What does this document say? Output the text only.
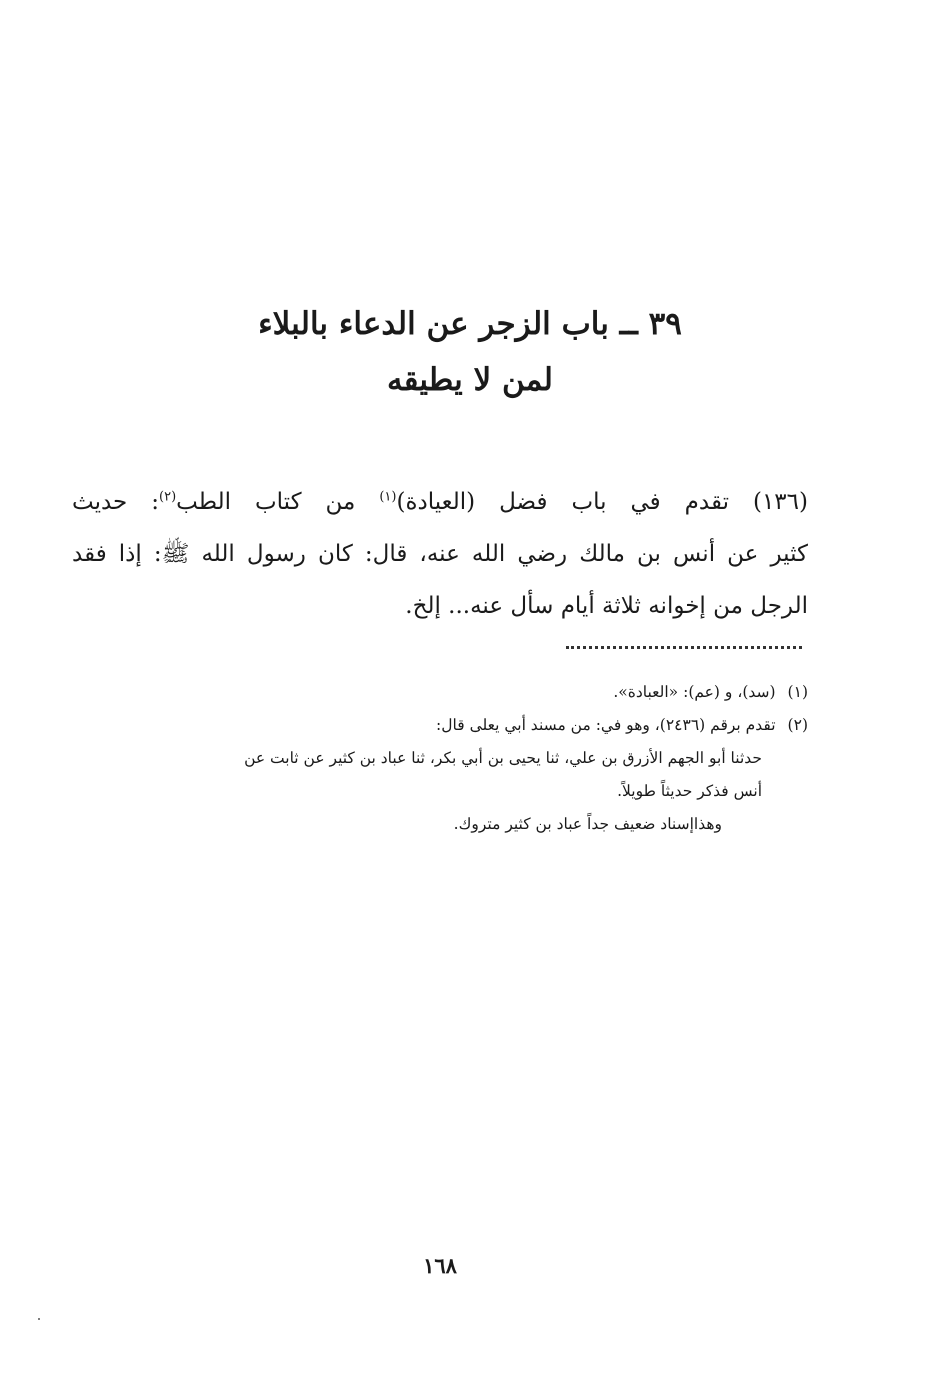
٣٩ ــ باب الزجر عن الدعاء بالبلاء
لمن لا يطيقه
(١٣٦) تقدم في باب فضل (العيادة)$^{(١)}$ من كتاب الطب$^{(٢)}$: حديث
كثير عن أنس بن مالك رضي الله عنه، قال: كان رسول الله ﷺ: إذا فقد
الرجل من إخوانه ثلاثة أيام سأل عنه... إلخ.
(١)(سد)، و (عم): «العبادة».
(٢)تقدم برقم (٢٤٣٦)، وهو في: من مسند أبي يعلى قال:
حدثنا أبو الجهم الأزرق بن علي، ثنا يحيى بن أبي بكر، ثنا عباد بن كثير عن ثابت عن
أنس فذكر حديثاً طويلاً.
وهذاإسناد ضعيف جداً عباد بن كثير متروك.
١٦٨
